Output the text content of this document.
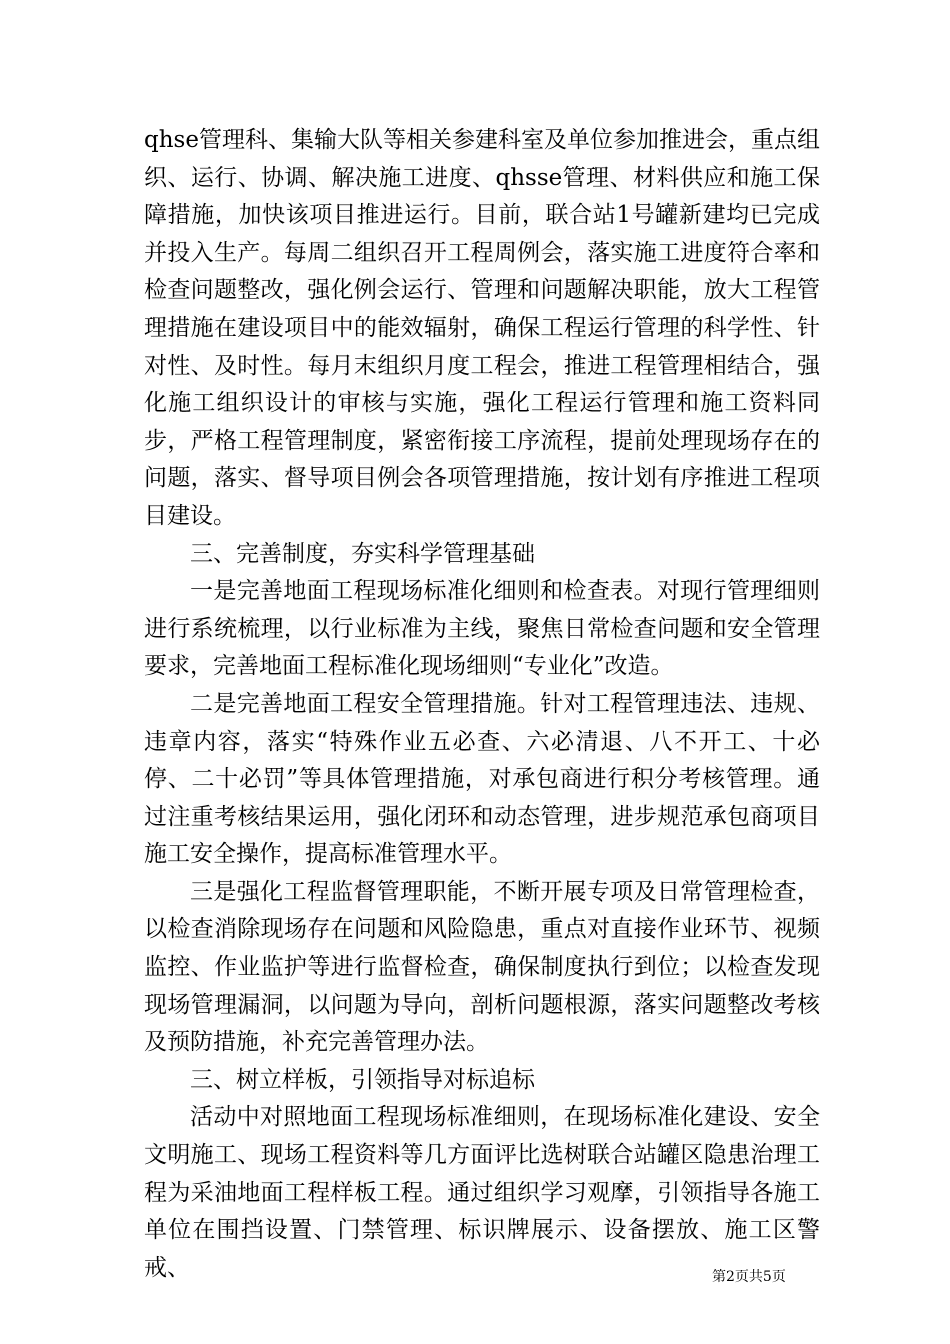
qhse管理科、集输大队等相关参建科室及单位参加推进会，重点组织、运行、协调、解决施工进度、qhsse管理、材料供应和施工保障措施，加快该项目推进运行。目前，联合站1号罐新建均已完成并投入生产。每周二组织召开工程周例会，落实施工进度符合率和检查问题整改，强化例会运行、管理和问题解决职能，放大工程管理措施在建设项目中的能效辐射，确保工程运行管理的科学性、针对性、及时性。每月末组织月度工程会，推进工程管理相结合，强化施工组织设计的审核与实施，强化工程运行管理和施工资料同步，严格工程管理制度，紧密衔接工序流程，提前处理现场存在的问题，落实、督导项目例会各项管理措施，按计划有序推进工程项目建设。

三、完善制度，夯实科学管理基础

一是完善地面工程现场标准化细则和检查表。对现行管理细则进行系统梳理，以行业标准为主线，聚焦日常检查问题和安全管理要求，完善地面工程标准化现场细则“专业化”改造。

二是完善地面工程安全管理措施。针对工程管理违法、违规、违章内容，落实“特殊作业五必查、六必清退、八不开工、十必停、二十必罚”等具体管理措施，对承包商进行积分考核管理。通过注重考核结果运用，强化闭环和动态管理，进步规范承包商项目施工安全操作，提高标准管理水平。

三是强化工程监督管理职能，不断开展专项及日常管理检查，以检查消除现场存在问题和风险隐患，重点对直接作业环节、视频监控、作业监护等进行监督检查，确保制度执行到位；以检查发现现场管理漏洞，以问题为导向，剖析问题根源，落实问题整改考核及预防措施，补充完善管理办法。

三、树立样板，引领指导对标追标

活动中对照地面工程现场标准细则，在现场标准化建设、安全文明施工、现场工程资料等几方面评比选树联合站罐区隐患治理工程为采油地面工程样板工程。通过组织学习观摩，引领指导各施工单位在围挡设置、门禁管理、标识牌展示、设备摆放、施工区警戒、	第2页共5页
